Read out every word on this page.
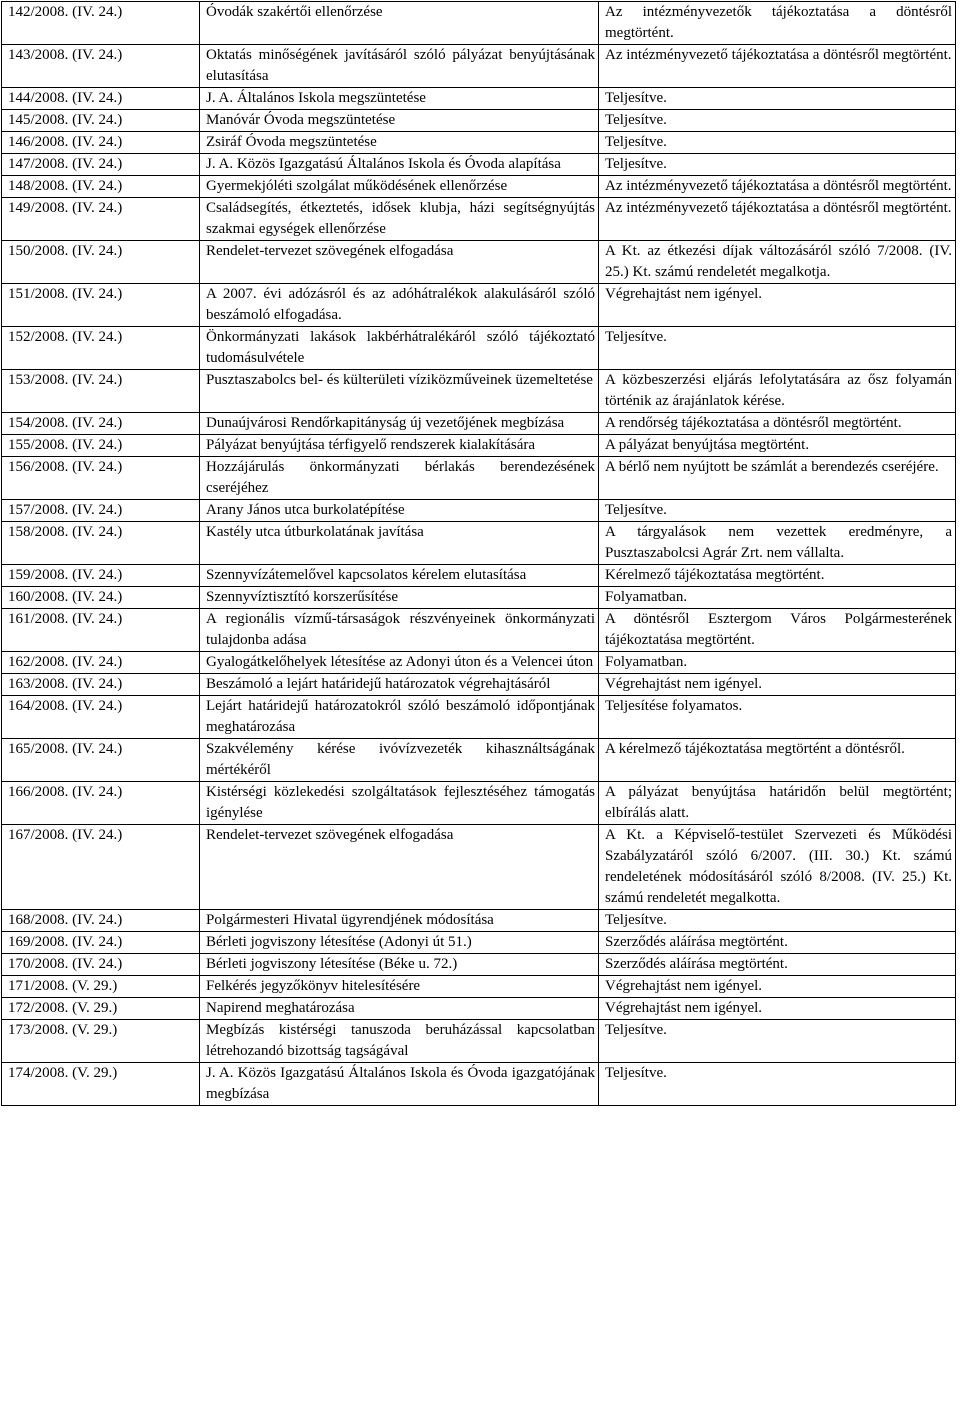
142/2008. (IV. 24.)	Óvodák szakértői ellenőrzése	Az intézményvezetők tájékoztatása a döntésről megtörtént.
143/2008. (IV. 24.)	Oktatás minőségének javításáról szóló pályázat benyújtásának elutasítása	Az intézményvezető tájékoztatása a döntésről megtörtént.
144/2008. (IV. 24.)	J. A. Általános Iskola megszüntetése	Teljesítve.
145/2008. (IV. 24.)	Manóvár Óvoda megszüntetése	Teljesítve.
146/2008. (IV. 24.)	Zsiráf Óvoda megszüntetése	Teljesítve.
147/2008. (IV. 24.)	J. A. Közös Igazgatású Általános Iskola és Óvoda alapítása	Teljesítve.
148/2008. (IV. 24.)	Gyermekjóléti szolgálat működésének ellenőrzése	Az intézményvezető tájékoztatása a döntésről megtörtént.
149/2008. (IV. 24.)	Családsegítés, étkeztetés, idősek klubja, házi segítségnyújtás szakmai egységek ellenőrzése	Az intézményvezető tájékoztatása a döntésről megtörtént.
150/2008. (IV. 24.)	Rendelet-tervezet szövegének elfogadása	A Kt. az étkezési díjak változásáról szóló 7/2008. (IV. 25.) Kt. számú rendeletét megalkotja.
151/2008. (IV. 24.)	A 2007. évi adózásról és az adóhátralékok alakulásáról szóló beszámoló elfogadása.	Végrehajtást nem igényel.
152/2008. (IV. 24.)	Önkormányzati lakások lakbérhátralékáról szóló tájékoztató tudomásulvétele	Teljesítve.
153/2008. (IV. 24.)	Pusztaszabolcs bel- és külterületi víziközműveinek üzemeltetése	A közbeszerzési eljárás lefolytatására az ősz folyamán történik az árajánlatok kérése.
154/2008. (IV. 24.)	Dunaújvárosi Rendőrkapitányság új vezetőjének megbízása	A rendőrség tájékoztatása a döntésről megtörtént.
155/2008. (IV. 24.)	Pályázat benyújtása térfigyelő rendszerek kialakítására	A pályázat benyújtása megtörtént.
156/2008. (IV. 24.)	Hozzájárulás önkormányzati bérlakás berendezésének cseréjéhez	A bérlő nem nyújtott be számlát a berendezés cseréjére.
157/2008. (IV. 24.)	Arany János utca burkolatépítése	Teljesítve.
158/2008. (IV. 24.)	Kastély utca útburkolatának javítása	A tárgyalások nem vezettek eredményre, a Pusztaszabolcsi Agrár Zrt. nem vállalta.
159/2008. (IV. 24.)	Szennyvízátemelővel kapcsolatos kérelem elutasítása	Kérelmező tájékoztatása megtörtént.
160/2008. (IV. 24.)	Szennyvíztisztító korszerűsítése	Folyamatban.
161/2008. (IV. 24.)	A regionális vízmű-társaságok részvényeinek önkormányzati tulajdonba adása	A döntésről Esztergom Város Polgármesterének tájékoztatása megtörtént.
162/2008. (IV. 24.)	Gyalogátkelőhelyek létesítése az Adonyi úton és a Velencei úton	Folyamatban.
163/2008. (IV. 24.)	Beszámoló a lejárt határidejű határozatok végrehajtásáról	Végrehajtást nem igényel.
164/2008. (IV. 24.)	Lejárt határidejű határozatokról szóló beszámoló időpontjának meghatározása	Teljesítése folyamatos.
165/2008. (IV. 24.)	Szakvélemény kérése ivóvízvezeték kihasználtságának mértékéről	A kérelmező tájékoztatása megtörtént a döntésről.
166/2008. (IV. 24.)	Kistérségi közlekedési szolgáltatások fejlesztéséhez támogatás igénylése	A pályázat benyújtása határidőn belül megtörtént; elbírálás alatt.
167/2008. (IV. 24.)	Rendelet-tervezet szövegének elfogadása	A Kt. a Képviselő-testület Szervezeti és Működési Szabályzatáról szóló 6/2007. (III. 30.) Kt. számú rendeletének módosításáról szóló 8/2008. (IV. 25.) Kt. számú rendeletét megalkotta.
168/2008. (IV. 24.)	Polgármesteri Hivatal ügyrendjének módosítása	Teljesítve.
169/2008. (IV. 24.)	Bérleti jogviszony létesítése (Adonyi út 51.)	Szerződés aláírása megtörtént.
170/2008. (IV. 24.)	Bérleti jogviszony létesítése (Béke u. 72.)	Szerződés aláírása megtörtént.
171/2008. (V. 29.)	Felkérés jegyzőkönyv hitelesítésére	Végrehajtást nem igényel.
172/2008. (V. 29.)	Napirend meghatározása	Végrehajtást nem igényel.
173/2008. (V. 29.)	Megbízás kistérségi tanuszoda beruházással kapcsolatban létrehozandó bizottság tagságával	Teljesítve.
174/2008. (V. 29.)	J. A. Közös Igazgatású Általános Iskola és Óvoda igazgatójának megbízása	Teljesítve.
